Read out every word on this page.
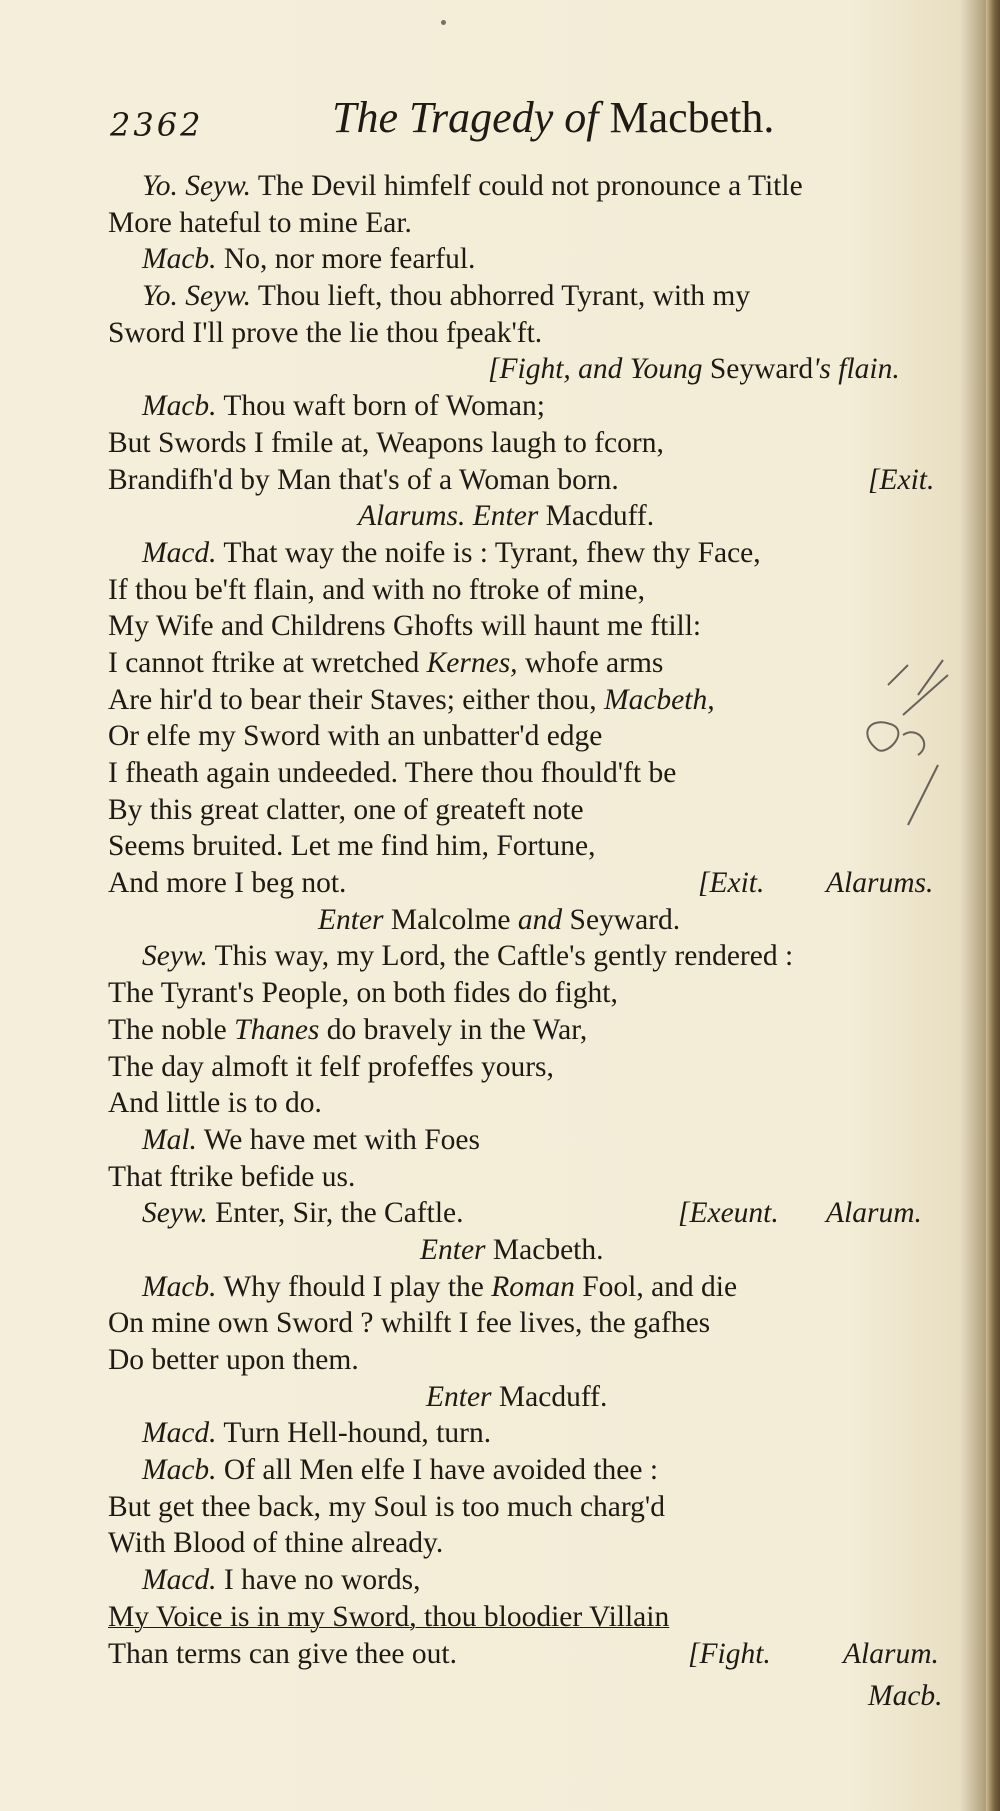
2362	The Tragedy of Macbeth.
Yo. Seyw. The Devil himfelf could not pronounce a Title
More hateful to mine Ear.
Macb. No, nor more fearful.
Yo. Seyw. Thou lieft, thou abhorred Tyrant, with my
Sword I'll prove the lie thou fpeak'ft.
[Fight, and Young Seyward's flain.
Macb. Thou waft born of Woman;
But Swords I fmile at, Weapons laugh to fcorn,
Brandifh'd by Man that's of a Woman born.	[Exit.
Alarums. Enter Macduff.
Macd. That way the noife is : Tyrant, fhew thy Face,
If thou be'ft flain, and with no ftroke of mine,
My Wife and Childrens Ghofts will haunt me ftill:
I cannot ftrike at wretched Kernes, whofe arms
Are hir'd to bear their Staves; either thou, Macbeth,
Or elfe my Sword with an unbatter'd edge
I fheath again undeeded. There thou fhould'ft be
By this great clatter, one of greateft note
Seems bruited. Let me find him, Fortune,
And more I beg not.	[Exit. Alarums.
Enter Malcolme and Seyward.
Seyw. This way, my Lord, the Caftle's gently rendered :
The Tyrant's People, on both fides do fight,
The noble Thanes do bravely in the War,
The day almoft it felf profeffes yours,
And little is to do.
Mal. We have met with Foes
That ftrike befide us.
Seyw. Enter, Sir, the Caftle.	[Exeunt. Alarum.
Enter Macbeth.
Macb. Why fhould I play the Roman Fool, and die
On mine own Sword ? whilft I fee lives, the gafhes
Do better upon them.
Enter Macduff.
Macd. Turn Hell-hound, turn.
Macb. Of all Men elfe I have avoided thee :
But get thee back, my Soul is too much charg'd
With Blood of thine already.
Macd. I have no words,
My Voice is in my Sword, thou bloodier Villain
Than terms can give thee out.	[Fight. Alarum.
Macb.
